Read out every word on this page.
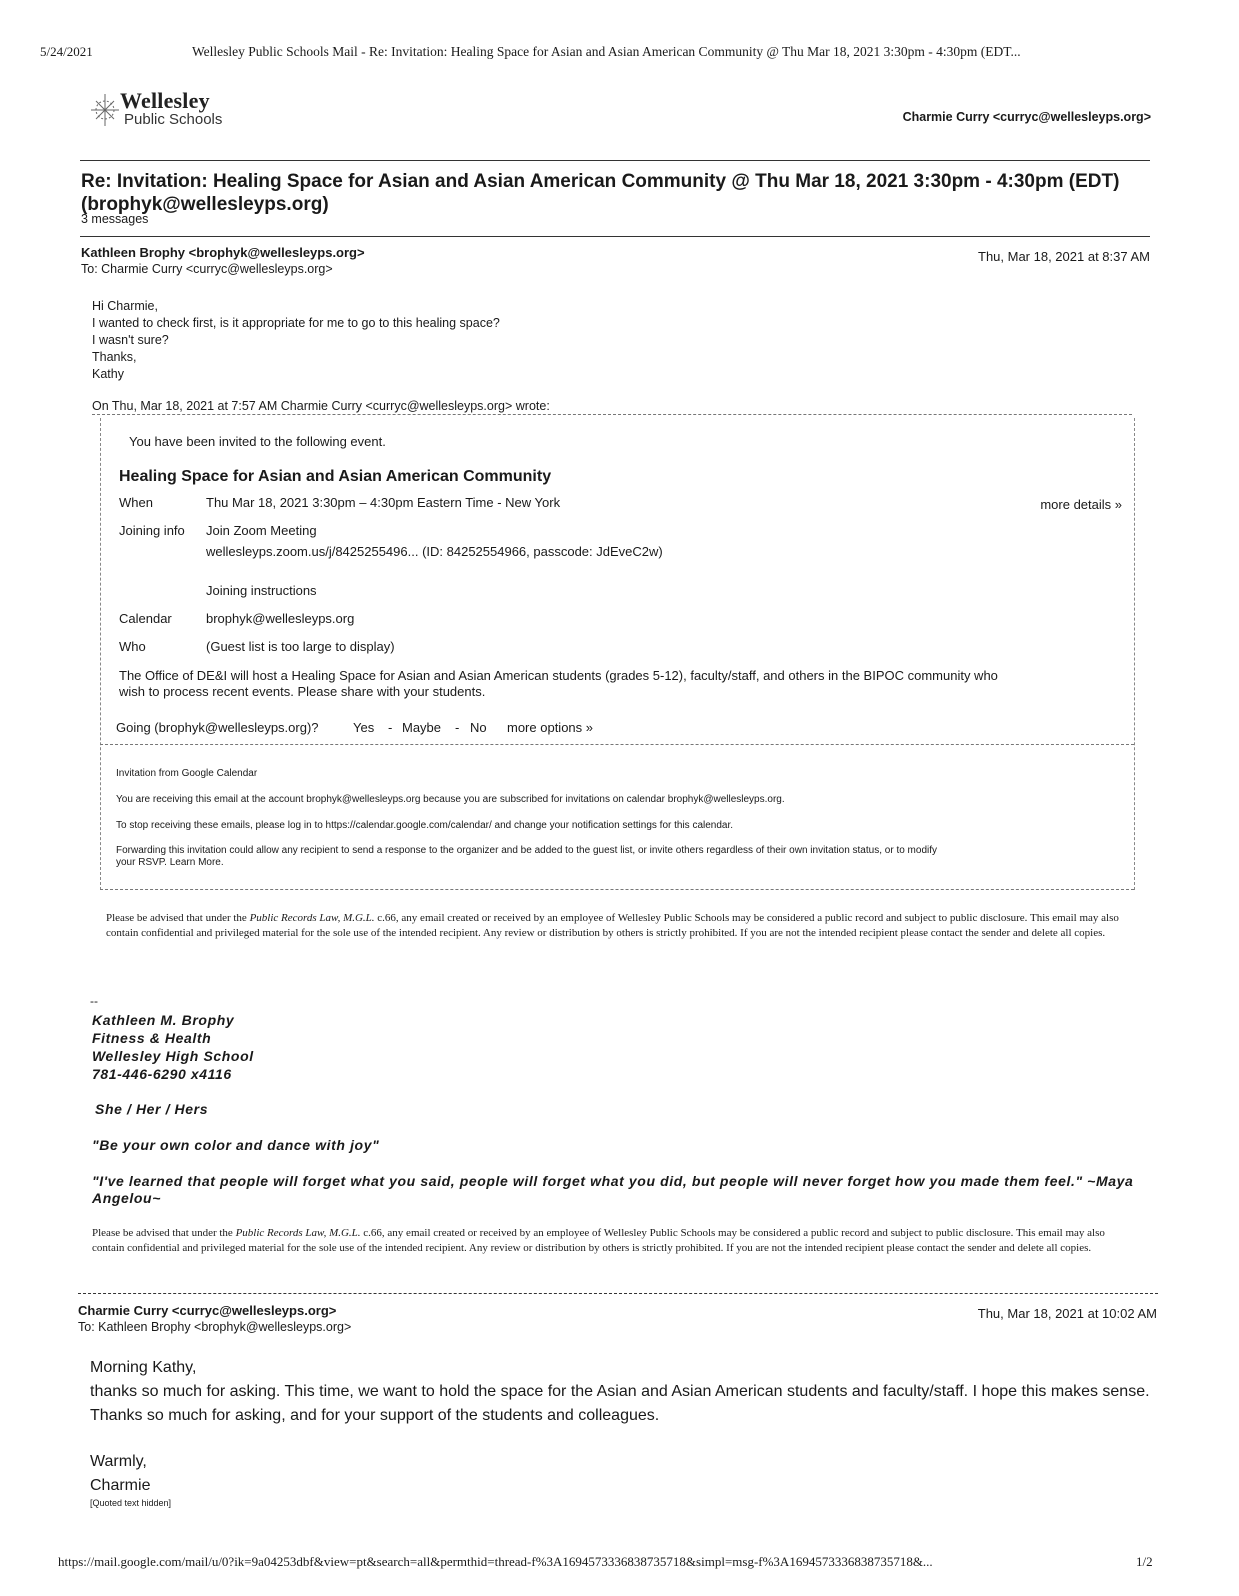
5/24/2021	Wellesley Public Schools Mail - Re: Invitation: Healing Space for Asian and Asian American Community @ Thu Mar 18, 2021 3:30pm - 4:30pm (EDT...
Wellesley
Public Schools	Charmie Curry <curryc@wellesleyps.org>
Re: Invitation: Healing Space for Asian and Asian American Community @ Thu Mar 18, 2021 3:30pm - 4:30pm (EDT) (brophyk@wellesleyps.org)
3 messages
Kathleen Brophy <brophyk@wellesleyps.org>
To: Charmie Curry <curryc@wellesleyps.org>
Thu, Mar 18, 2021 at 8:37 AM
Hi Charmie,
I wanted to check first, is it appropriate for me to go to this healing space?
I wasn't sure?
Thanks,
Kathy
On Thu, Mar 18, 2021 at 7:57 AM Charmie Curry <curryc@wellesleyps.org> wrote:
You have been invited to the following event.
Healing Space for Asian and Asian American Community
When	Thu Mar 18, 2021 3:30pm – 4:30pm Eastern Time - New York	more details »
Joining info Join Zoom Meeting
wellesleyps.zoom.us/j/8425255496... (ID: 84252554966, passcode: JdEveC2w)
Joining instructions
Calendar	brophyk@wellesleyps.org
Who	(Guest list is too large to display)
The Office of DE&I will host a Healing Space for Asian and Asian American students (grades 5-12), faculty/staff, and others in the BIPOC community who
wish to process recent events. Please share with your students.
Going (brophyk@wellesleyps.org)?	Yes - Maybe - No more options »
Invitation from Google Calendar
You are receiving this email at the account brophyk@wellesleyps.org because you are subscribed for invitations on calendar brophyk@wellesleyps.org.
To stop receiving these emails, please log in to https://calendar.google.com/calendar/ and change your notification settings for this calendar.
Forwarding this invitation could allow any recipient to send a response to the organizer and be added to the guest list, or invite others regardless of their own invitation status, or to modify
your RSVP. Learn More.
Please be advised that under the Public Records Law, M.G.L. c.66, any email created or received by an employee of Wellesley Public Schools may be considered a public record and subject to public disclosure. This email may also contain confidential and privileged material for the sole use of the intended recipient. Any review or distribution by others is strictly prohibited. If you are not the intended recipient please contact the sender and delete all copies.
--
Kathleen M. Brophy
Fitness & Health
Wellesley High School
781-446-6290 x4116
She / Her / Hers
"Be your own color and dance with joy"
"I've learned that people will forget what you said, people will forget what you did, but people will never forget how you made them feel." ~Maya Angelou~
Please be advised that under the Public Records Law, M.G.L. c.66, any email created or received by an employee of Wellesley Public Schools may be considered a public record and subject to public disclosure. This email may also contain confidential and privileged material for the sole use of the intended recipient. Any review or distribution by others is strictly prohibited. If you are not the intended recipient please contact the sender and delete all copies.
Charmie Curry <curryc@wellesleyps.org>
To: Kathleen Brophy <brophyk@wellesleyps.org>
Thu, Mar 18, 2021 at 10:02 AM
Morning Kathy,
thanks so much for asking. This time, we want to hold the space for the Asian and Asian American students and faculty/staff. I hope this makes sense. Thanks so much for asking, and for your support of the students and colleagues.
Warmly,
Charmie
[Quoted text hidden]
https://mail.google.com/mail/u/0?ik=9a04253dbf&view=pt&search=all&permthid=thread-f%3A1694573336838735718&simpl=msg-f%3A1694573336838735718&...	1/2
